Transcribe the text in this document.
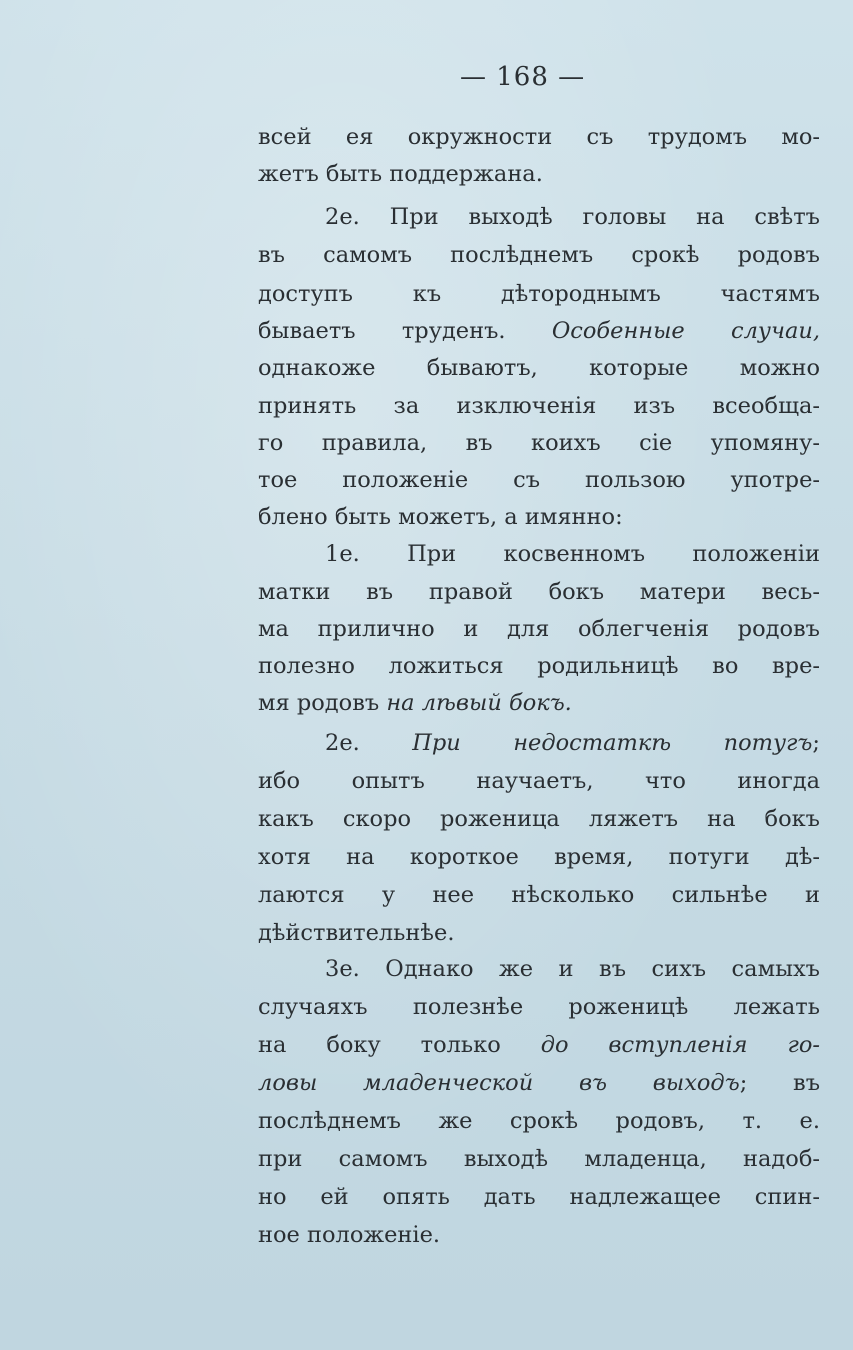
— 168 —
всей ея окружности съ трудомъ мо-
жетъ быть поддержана.
2е. При выходѣ головы на свѣтъ
въ самомъ послѣднемъ срокѣ родовъ
доступъ къ дѣтороднымъ частямъ
бываетъ труденъ. Особенные случаи,
однакоже бываютъ, которые можно
принять за изключенія изъ всеобща-
го правила, въ коихъ сіе упомяну-
тое положеніе съ пользою употре-
блено быть можетъ, а имянно:
1е. При косвенномъ положеніи
матки въ правой бокъ матери весь-
ма прилично и для облегченія родовъ
полезно ложиться родильницѣ во вре-
мя родовъ на лѣвый бокъ.
2е. При недостаткѣ потугъ;
ибо опытъ научаетъ, что иногда
какъ скоро роженица ляжетъ на бокъ
хотя на короткое время, потуги дѣ-
лаются у нее нѣсколько сильнѣе и
дѣйствительнѣе.
3е. Однако же и въ сихъ самыхъ
случаяхъ полезнѣе роженицѣ лежать
на боку только до вступленія го-
ловы младенческой въ выходъ; въ
послѣднемъ же срокѣ родовъ, т. е.
при самомъ выходѣ младенца, надоб-
но ей опять дать надлежащее спин-
ное положеніе.
